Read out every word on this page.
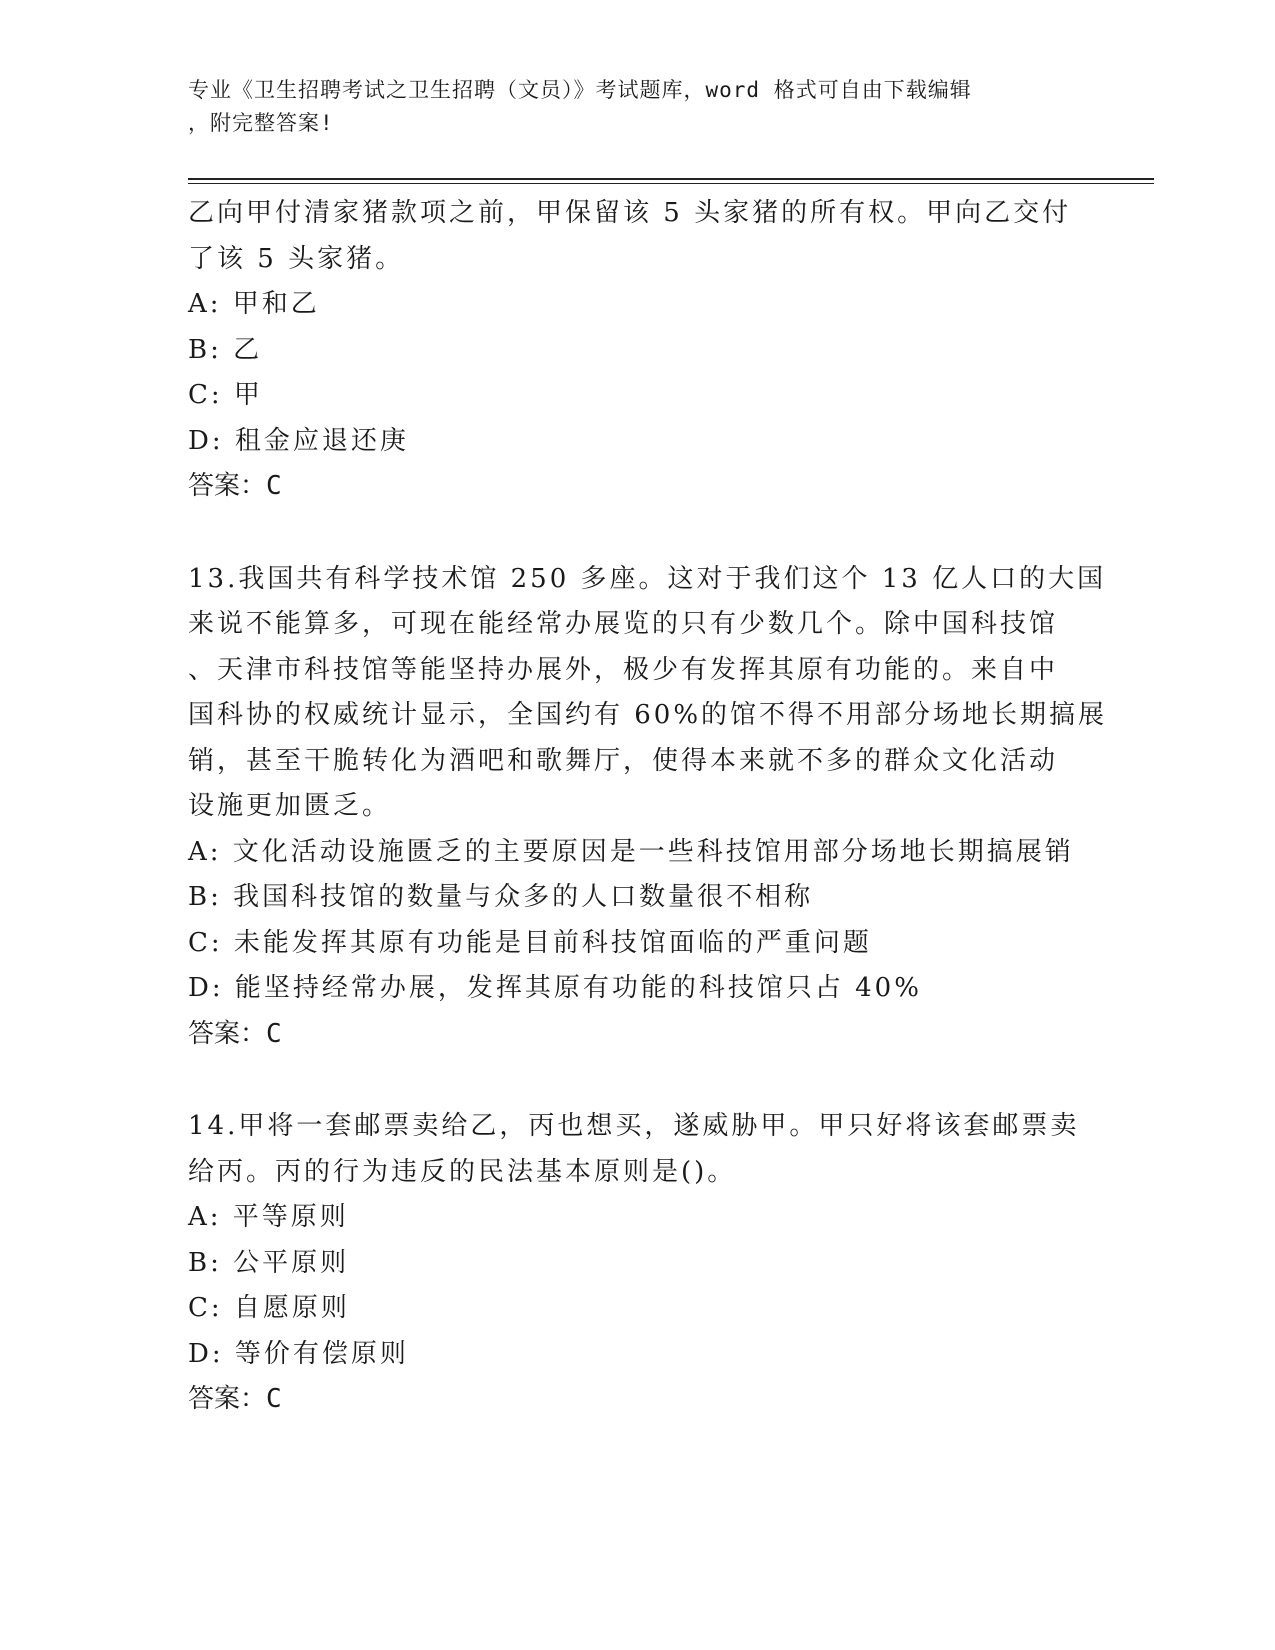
专业《卫生招聘考试之卫生招聘（文员）》考试题库，word 格式可自由下载编辑
，附完整答案!
乙向甲付清家猪款项之前，甲保留该 5 头家猪的所有权。甲向乙交付
了该 5 头家猪。
A: 甲和乙
B: 乙
C: 甲
D: 租金应退还庚
答案：C
13.我国共有科学技术馆 250 多座。这对于我们这个 13 亿人口的大国
来说不能算多，可现在能经常办展览的只有少数几个。除中国科技馆
、天津市科技馆等能坚持办展外，极少有发挥其原有功能的。来自中
国科协的权威统计显示，全国约有 60%的馆不得不用部分场地长期搞展
销，甚至干脆转化为酒吧和歌舞厅，使得本来就不多的群众文化活动
设施更加匮乏。
A: 文化活动设施匮乏的主要原因是一些科技馆用部分场地长期搞展销
B: 我国科技馆的数量与众多的人口数量很不相称
C: 未能发挥其原有功能是目前科技馆面临的严重问题
D: 能坚持经常办展，发挥其原有功能的科技馆只占 40%
答案：C
14.甲将一套邮票卖给乙，丙也想买，遂威胁甲。甲只好将该套邮票卖
给丙。丙的行为违反的民法基本原则是()。
A: 平等原则
B: 公平原则
C: 自愿原则
D: 等价有偿原则
答案：C
